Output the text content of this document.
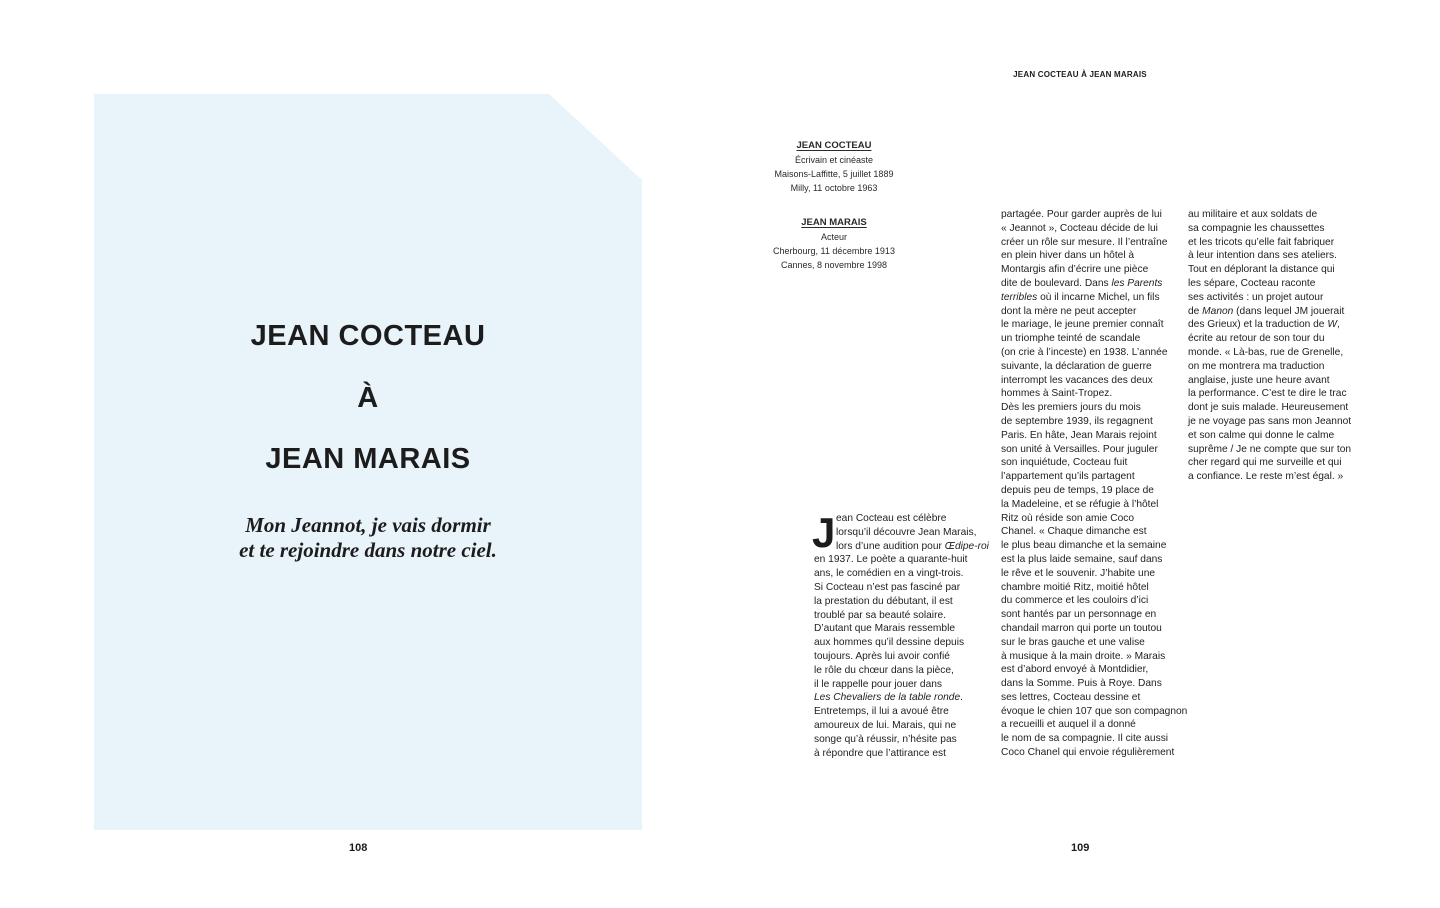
JEAN COCTEAU
À
JEAN MARAIS
Mon Jeannot, je vais dormir
et te rejoindre dans notre ciel.
108
JEAN COCTEAU À JEAN MARAIS
JEAN COCTEAU
Écrivain et cinéaste
Maisons-Laffitte, 5 juillet 1889
Milly, 11 octobre 1963
JEAN MARAIS
Acteur
Cherbourg, 11 décembre 1913
Cannes, 8 novembre 1998
J ean Cocteau est célèbre
lorsqu’il découvre Jean Marais,
lors d’une audition pour Œdipe-roi
en 1937. Le poète a quarante-huit
ans, le comédien en a vingt-trois.
Si Cocteau n’est pas fasciné par
la prestation du débutant, il est
troublé par sa beauté solaire.
D’autant que Marais ressemble
aux hommes qu’il dessine depuis
toujours. Après lui avoir confié
le rôle du chœur dans la pièce,
il le rappelle pour jouer dans
Les Chevaliers de la table ronde.
Entretemps, il lui a avoué être
amoureux de lui. Marais, qui ne
songe qu’à réussir, n’hésite pas
à répondre que l’attirance est
partagée. Pour garder auprès de lui
« Jeannot », Cocteau décide de lui
créer un rôle sur mesure. Il l’entraîne
en plein hiver dans un hôtel à
Montargis afin d’écrire une pièce
dite de boulevard. Dans les Parents
terribles où il incarne Michel, un fils
dont la mère ne peut accepter
le mariage, le jeune premier connaît
un triomphe teinté de scandale
(on crie à l’inceste) en 1938. L’année
suivante, la déclaration de guerre
interrompt les vacances des deux
hommes à Saint-Tropez.
Dès les premiers jours du mois
de septembre 1939, ils regagnent
Paris. En hâte, Jean Marais rejoint
son unité à Versailles. Pour juguler
son inquiétude, Cocteau fuit
l’appartement qu’ils partagent
depuis peu de temps, 19 place de
la Madeleine, et se réfugie à l’hôtel
Ritz où réside son amie Coco
Chanel. « Chaque dimanche est
le plus beau dimanche et la semaine
est la plus laide semaine, sauf dans
le rêve et le souvenir. J’habite une
chambre moitié Ritz, moitié hôtel
du commerce et les couloirs d’ici
sont hantés par un personnage en
chandail marron qui porte un toutou
sur le bras gauche et une valise
à musique à la main droite. » Marais
est d’abord envoyé à Montdidier,
dans la Somme. Puis à Roye. Dans
ses lettres, Cocteau dessine et
évoque le chien 107 que son compagnon
a recueilli et auquel il a donné
le nom de sa compagnie. Il cite aussi
Coco Chanel qui envoie régulièrement
au militaire et aux soldats de
sa compagnie les chaussettes
et les tricots qu’elle fait fabriquer
à leur intention dans ses ateliers.
Tout en déplorant la distance qui
les sépare, Cocteau raconte
ses activités : un projet autour
de Manon (dans lequel JM jouerait
des Grieux) et la traduction de W,
écrite au retour de son tour du
monde. « Là-bas, rue de Grenelle,
on me montrera ma traduction
anglaise, juste une heure avant
la performance. C’est te dire le trac
dont je suis malade. Heureusement
je ne voyage pas sans mon Jeannot
et son calme qui donne le calme
suprême / Je ne compte que sur ton
cher regard qui me surveille et qui
a confiance. Le reste m’est égal. »
109
